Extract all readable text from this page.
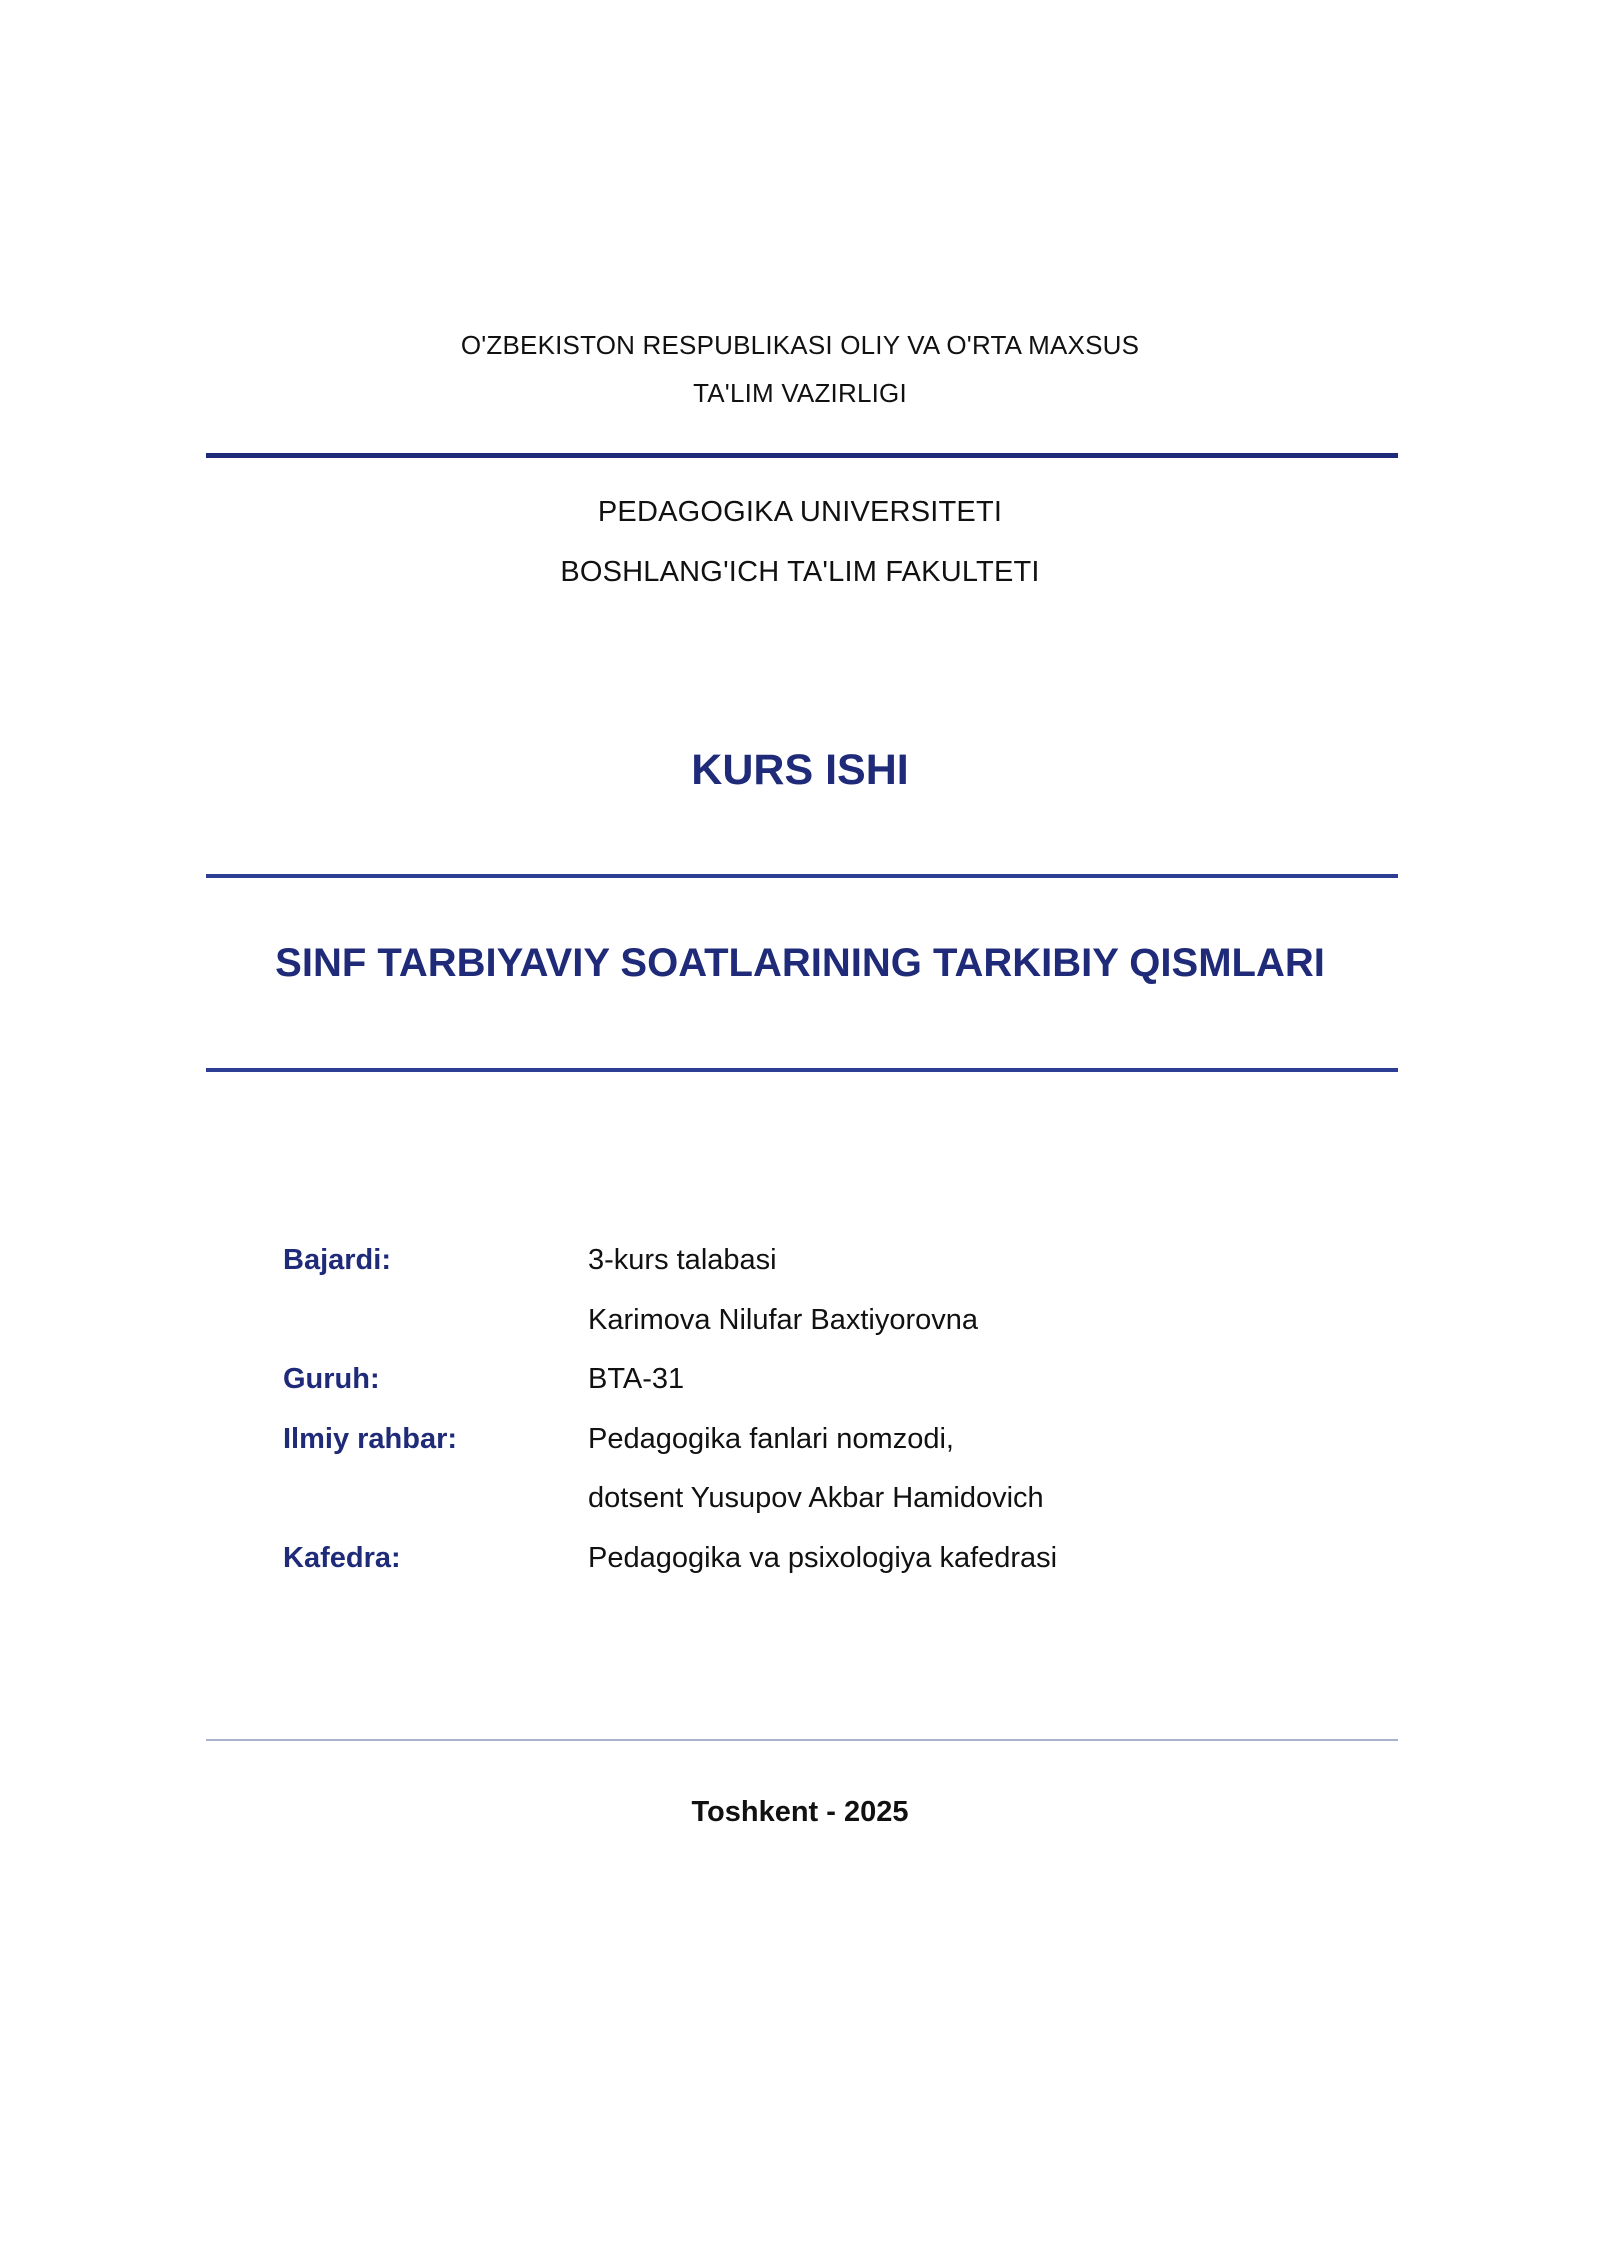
O'ZBEKISTON RESPUBLIKASI OLIY VA O'RTA MAXSUS
TA'LIM VAZIRLIGI
PEDAGOGIKA UNIVERSITETI
BOSHLANG'ICH TA'LIM FAKULTETI
KURS ISHI
SINF TARBIYAVIY SOATLARINING TARKIBIY QISMLARI
Bajardi:	3-kurs talabasi
Karimova Nilufar Baxtiyorovna
Guruh:	BTA-31
Ilmiy rahbar:	Pedagogika fanlari nomzodi,
dotsent Yusupov Akbar Hamidovich
Kafedra:	Pedagogika va psixologiya kafedrasi
Toshkent - 2025
